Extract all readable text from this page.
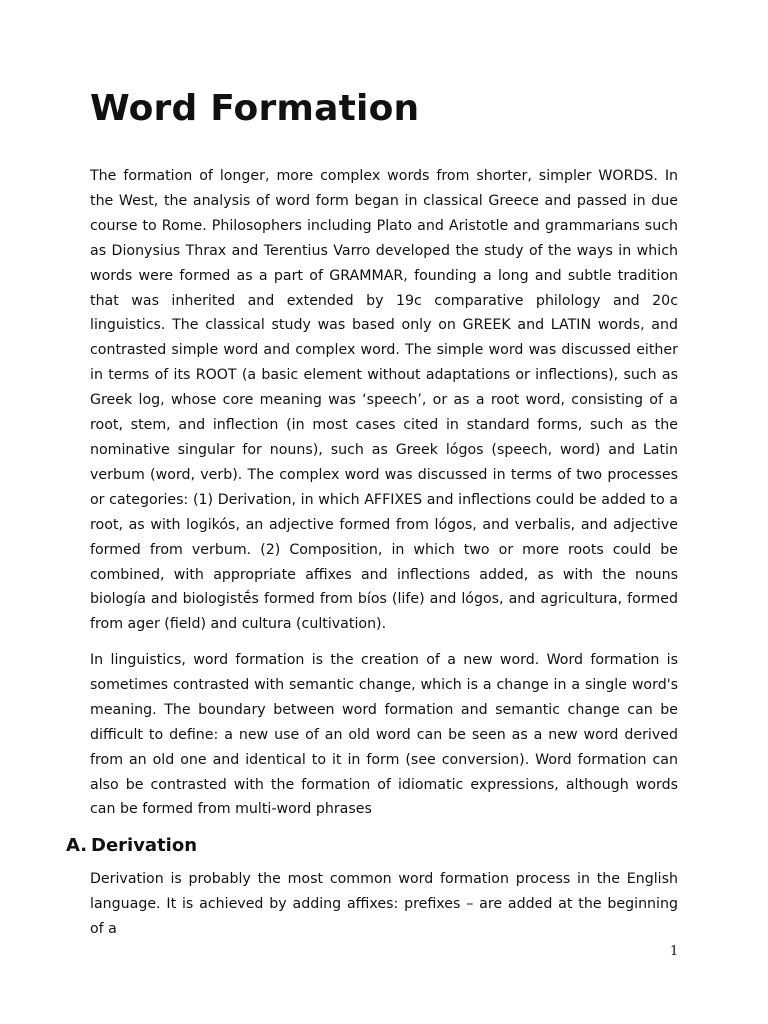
Word Formation

The formation of longer, more complex words from shorter, simpler WORDS. In the West, the analysis of word form began in classical Greece and passed in due course to Rome. Philosophers including Plato and Aristotle and grammarians such as Dionysius Thrax and Terentius Varro developed the study of the ways in which words were formed as a part of GRAMMAR, founding a long and subtle tradition that was inherited and extended by 19c comparative philology and 20c linguistics. The classical study was based only on GREEK and LATIN words, and contrasted simple word and complex word. The simple word was discussed either in terms of its ROOT (a basic element without adaptations or inflections), such as Greek log, whose core meaning was ‘speech’, or as a root word, consisting of a root, stem, and inflection (in most cases cited in standard forms, such as the nominative singular for nouns), such as Greek lógos (speech, word) and Latin verbum (word, verb). The complex word was discussed in terms of two processes or categories: (1) Derivation, in which AFFIXES and inflections could be added to a root, as with logikós, an adjective formed from lógos, and verbalis, and adjective formed from verbum. (2) Composition, in which two or more roots could be combined, with appropriate affixes and inflections added, as with the nouns biología and biologistḗs formed from bíos (life) and lógos, and agricultura, formed from ager (field) and cultura (cultivation).

In linguistics, word formation is the creation of a new word. Word formation is sometimes contrasted with semantic change, which is a change in a single word's meaning. The boundary between word formation and semantic change can be difficult to define: a new use of an old word can be seen as a new word derived from an old one and identical to it in form (see conversion). Word formation can also be contrasted with the formation of idiomatic expressions, although words can be formed from multi-word phrases

A. Derivation

Derivation is probably the most common word formation process in the English language. It is achieved by adding affixes: prefixes – are added at the beginning of a

1
